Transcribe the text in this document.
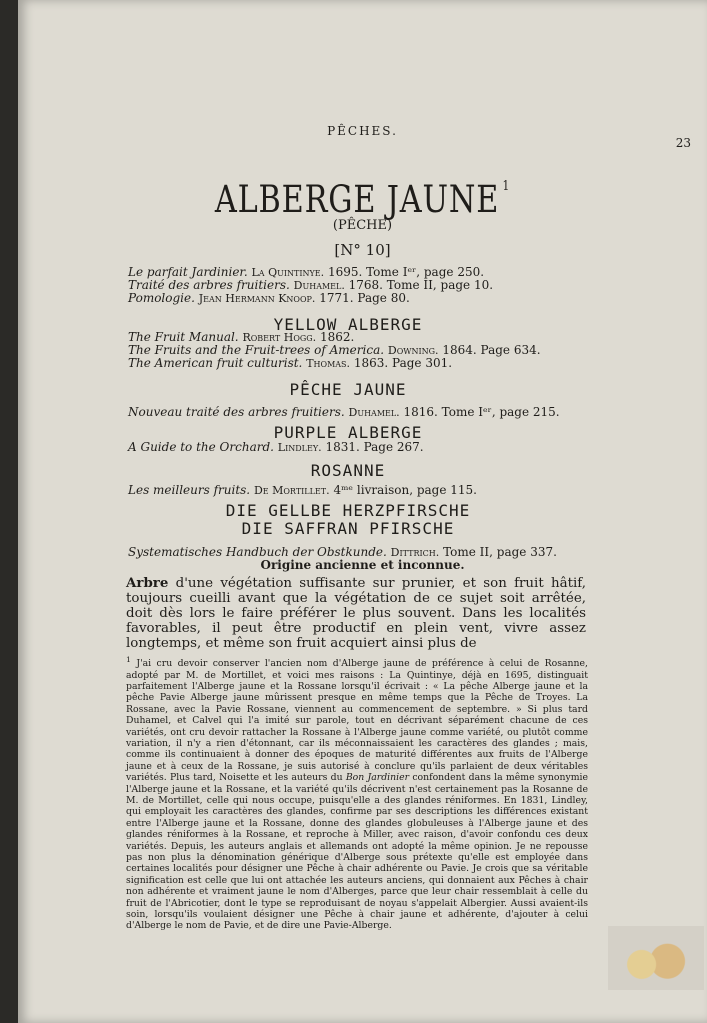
PÊCHES.
23
ALBERGE JAUNE $^1$
(PÊCHE)
[N° 10]
Le parfait Jardinier. La Quintinye. 1695. Tome Iᵉʳ, page 250.
Traité des arbres fruitiers. Duhamel. 1768. Tome II, page 10.
Pomologie. Jean Hermann Knoop. 1771. Page 80.
YELLOW ALBERGE
The Fruit Manual. Robert Hogg. 1862.
The Fruits and the Fruit-trees of America. Downing. 1864. Page 634.
The American fruit culturist. Thomas. 1863. Page 301.
PÊCHE JAUNE
Nouveau traité des arbres fruitiers. Duhamel. 1816. Tome Iᵉʳ, page 215.
PURPLE ALBERGE
A Guide to the Orchard. Lindley. 1831. Page 267.
ROSANNE
Les meilleurs fruits. De Mortillet. 4ᵐᵉ livraison, page 115.
DIE GELLBE HERZPFIRSCHE
DIE SAFFRAN PFIRSCHE
Systematisches Handbuch der Obstkunde. Dittrich. Tome II, page 337.
Origine ancienne et inconnue.
Arbre d'une végétation suffisante sur prunier, et son fruit hâtif, toujours cueilli avant que la végétation de ce sujet soit arrêtée, doit dès lors le faire préférer le plus souvent. Dans les localités favorables, il peut être productif en plein vent, vivre assez longtemps, et même son fruit acquiert ainsi plus de
$^1$ J'ai cru devoir conserver l'ancien nom d'Alberge jaune de préférence à celui de Rosanne, adopté par M. de Mortillet, et voici mes raisons : La Quintinye, déjà en 1695, distinguait parfaitement l'Alberge jaune et la Rossane lorsqu'il écrivait : « La pêche Alberge jaune et la pêche Pavie Alberge jaune mûrissent presque en même temps que la Pêche de Troyes. La Rossane, avec la Pavie Rossane, viennent au commencement de septembre. » Si plus tard Duhamel, et Calvel qui l'a imité sur parole, tout en décrivant séparément chacune de ces variétés, ont cru devoir rattacher la Rossane à l'Alberge jaune comme variété, ou plutôt comme variation, il n'y a rien d'étonnant, car ils méconnaissaient les caractères des glandes ; mais, comme ils continuaient à donner des époques de maturité différentes aux fruits de l'Alberge jaune et à ceux de la Rossane, je suis autorisé à conclure qu'ils parlaient de deux véritables variétés. Plus tard, Noisette et les auteurs du Bon Jardinier confondent dans la même synonymie l'Alberge jaune et la Rossane, et la variété qu'ils décrivent n'est certainement pas la Rosanne de M. de Mortillet, celle qui nous occupe, puisqu'elle a des glandes réniformes. En 1831, Lindley, qui employait les caractères des glandes, confirme par ses descriptions les différences existant entre l'Alberge jaune et la Rossane, donne des glandes globuleuses à l'Alberge jaune et des glandes réniformes à la Rossane, et reproche à Miller, avec raison, d'avoir confondu ces deux variétés. Depuis, les auteurs anglais et allemands ont adopté la même opinion. Je ne repousse pas non plus la dénomination générique d'Alberge sous prétexte qu'elle est employée dans certaines localités pour désigner une Pêche à chair adhérente ou Pavie. Je crois que sa véritable signification est celle que lui ont attachée les auteurs anciens, qui donnaient aux Pêches à chair non adhérente et vraiment jaune le nom d'Alberges, parce que leur chair ressemblait à celle du fruit de l'Abricotier, dont le type se reproduisant de noyau s'appelait Albergier. Aussi avaient-ils soin, lorsqu'ils voulaient désigner une Pêche à chair jaune et adhérente, d'ajouter à celui d'Alberge le nom de Pavie, et de dire une Pavie-Alberge.
